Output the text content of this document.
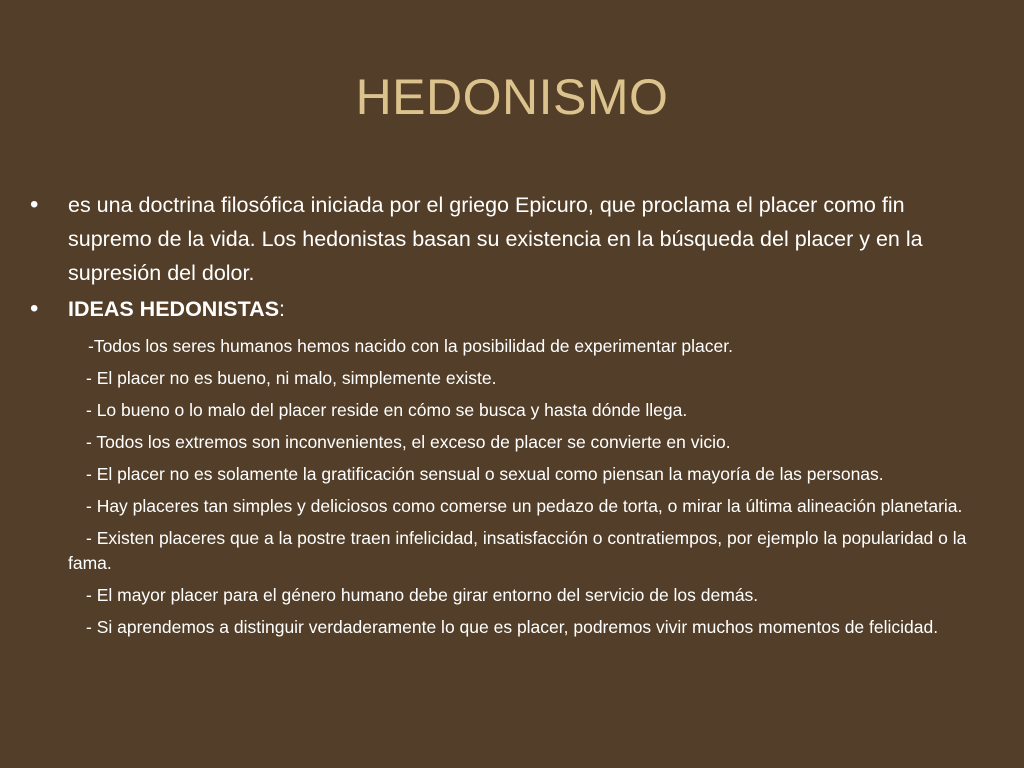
HEDONISMO
• es una doctrina filosófica iniciada por el griego Epicuro, que proclama el placer como fin supremo de la vida. Los hedonistas basan su existencia en la búsqueda del placer y en la supresión del dolor.
• IDEAS HEDONISTAS:
-Todos los seres humanos hemos nacido con la posibilidad de experimentar placer.
- El placer no es bueno, ni malo, simplemente existe.
- Lo bueno o lo malo del placer reside en cómo se busca y hasta dónde llega.
- Todos los extremos son inconvenientes, el exceso de placer se convierte en vicio.
- El placer no es solamente la gratificación sensual o sexual como piensan la mayoría de las personas.
- Hay placeres tan simples y deliciosos como comerse un pedazo de torta, o mirar la última alineación planetaria.
- Existen placeres que a la postre traen infelicidad, insatisfacción o contratiempos, por ejemplo la popularidad o la fama.
- El mayor placer para el género humano debe girar entorno del servicio de los demás.
- Si aprendemos a distinguir verdaderamente lo que es placer, podremos vivir muchos momentos de felicidad.
